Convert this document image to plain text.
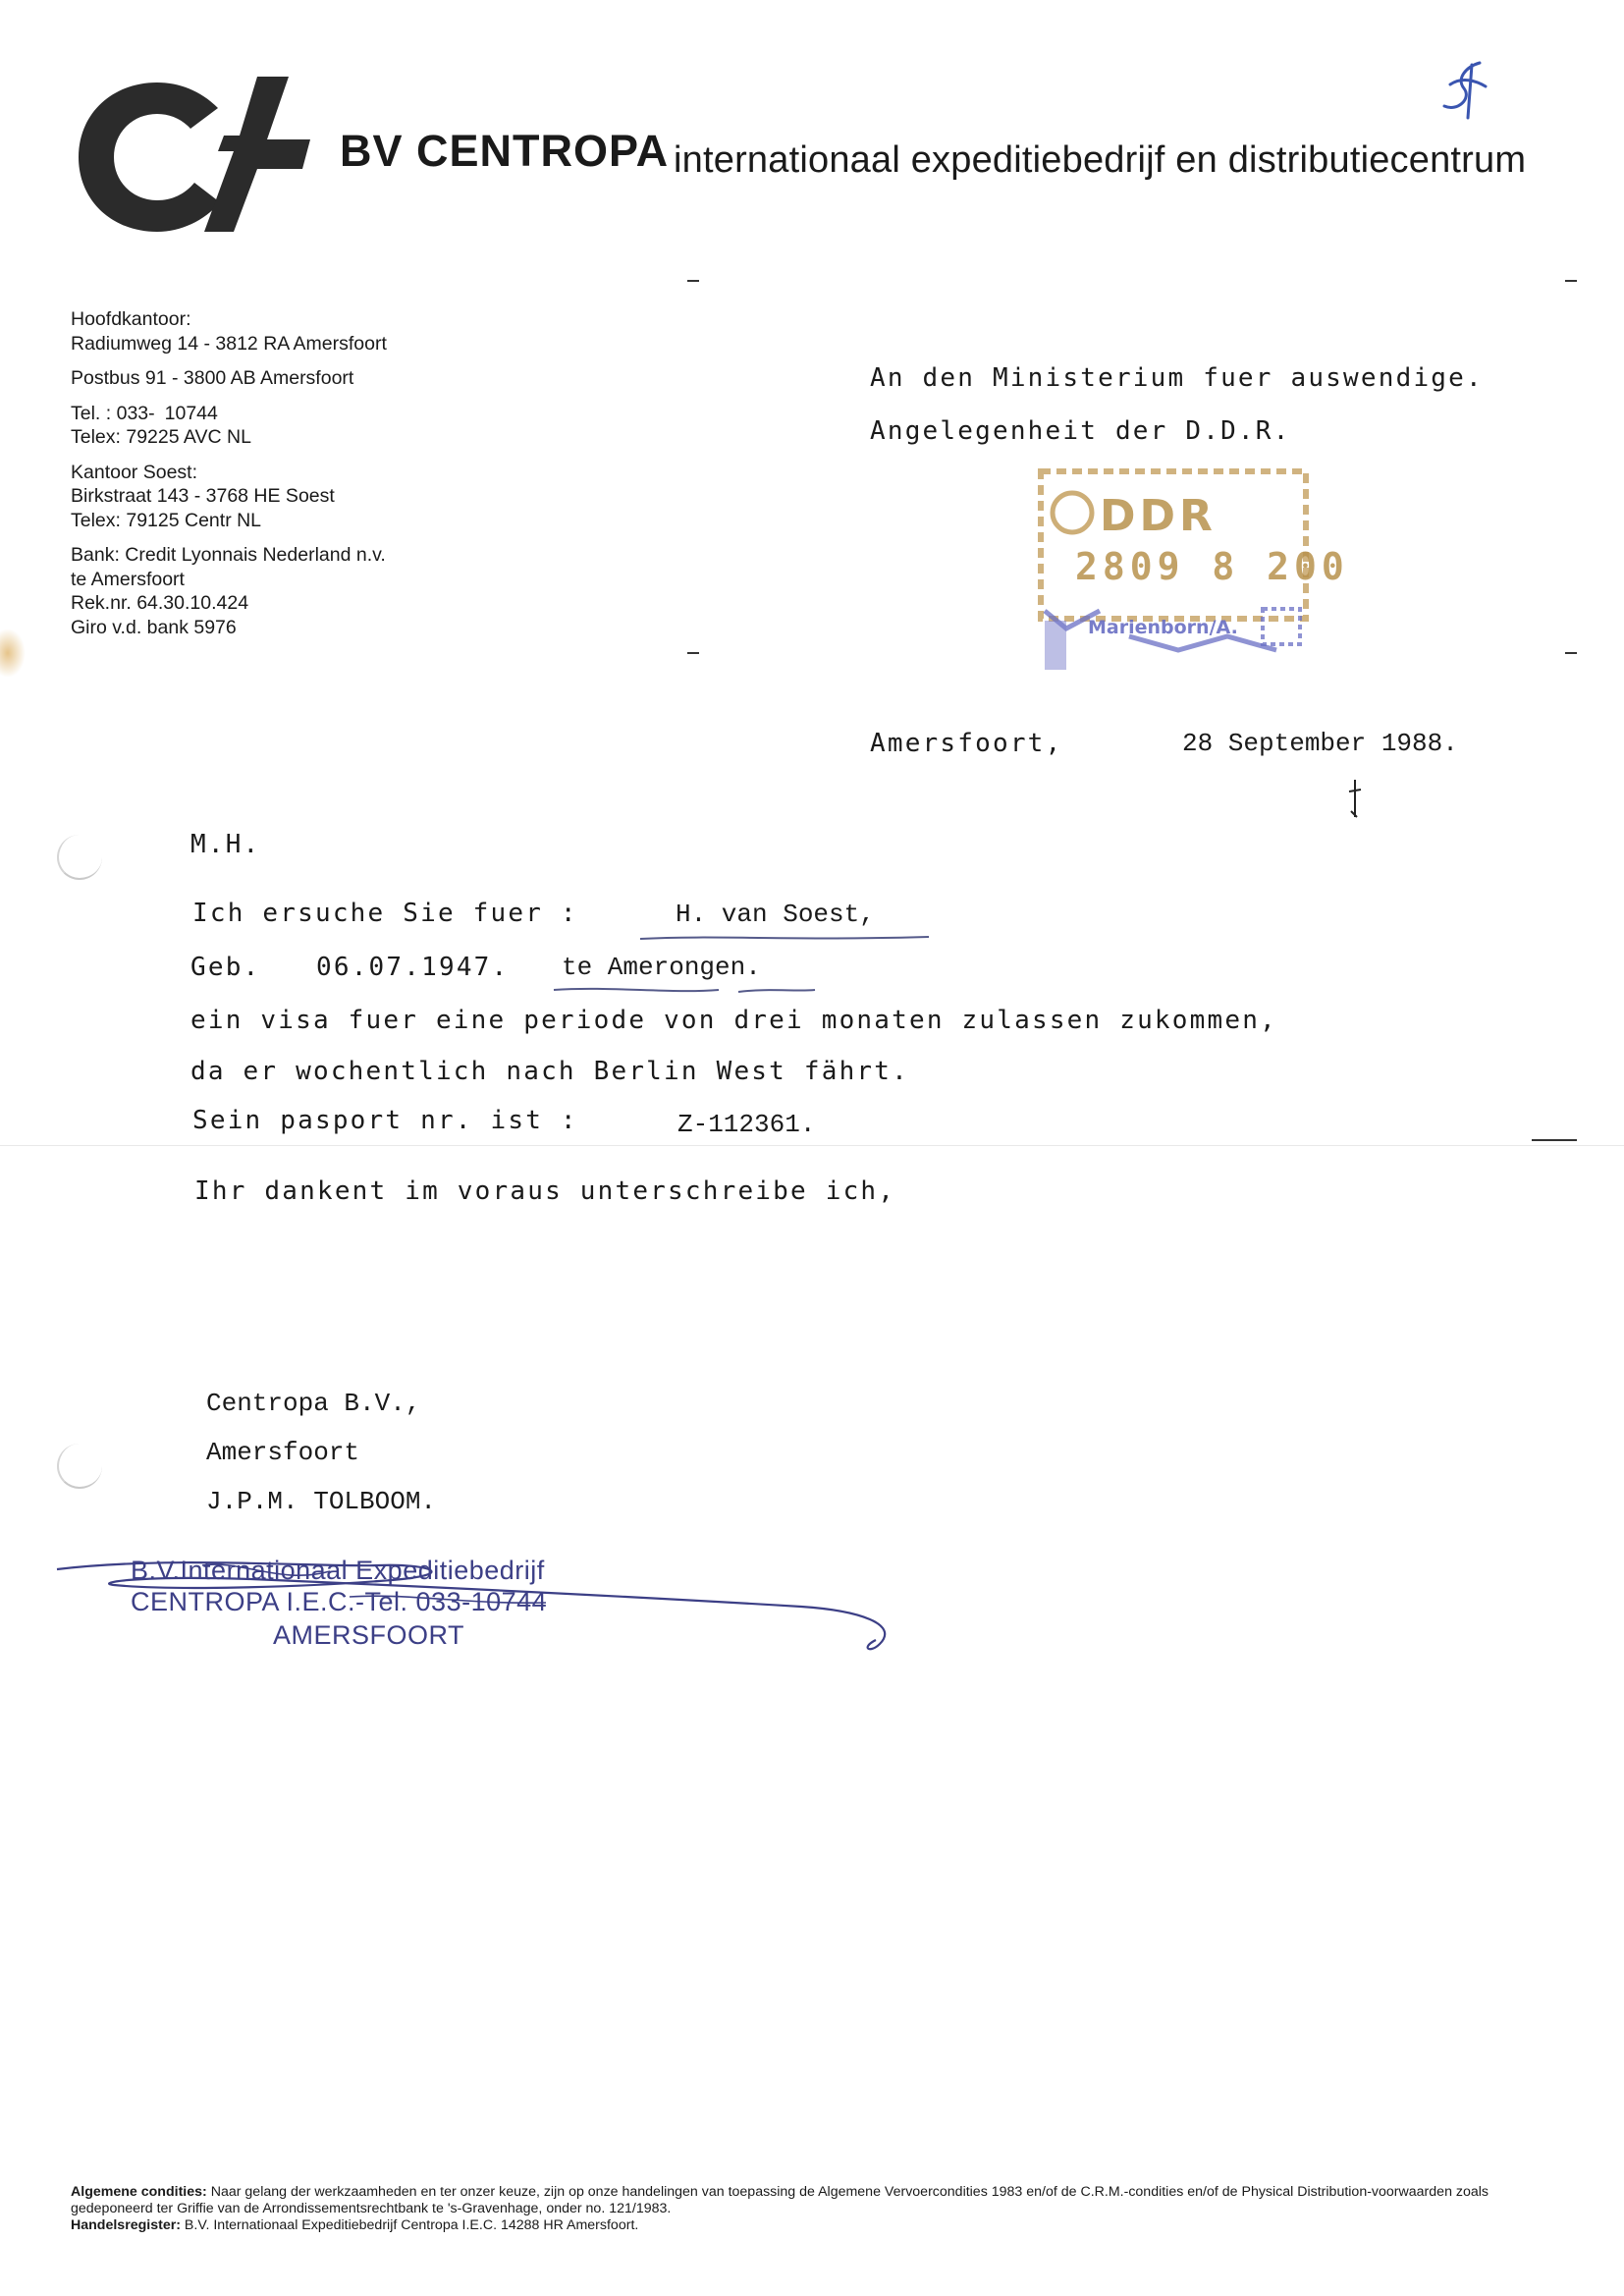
BV CENTROPA internationaal expeditiebedrijf en distributiecentrum
Hoofdkantoor:
Radiumweg 14 - 3812 RA Amersfoort
Postbus 91 - 3800 AB Amersfoort
Tel. : 033- 10744
Telex: 79225 AVC NL
Kantoor Soest:
Birkstraat 143 - 3768 HE Soest
Telex: 79125 Centr NL
Bank: Credit Lyonnais Nederland n.v.
te Amersfoort
Rek.nr. 64.30.10.424
Giro v.d. bank 5976
An den Ministerium fuer auswendige.
Angelegenheit der D.D.R.
DDR
2809 8 200
Marienborn/A.
Amersfoort,	28 September 1988.
M.H.
Ich ersuche Sie fuer :	H. van Soest,
Geb. 06.07.1947. te Amerongen.
ein visa fuer eine periode von drei monaten zulassen zukommen,
da er wochentlich nach Berlin West fährt.
Sein pasport nr. ist :	Z-112361.
Ihr dankent im voraus unterschreibe ich,
Centropa B.V.,
Amersfoort
J.P.M. TOLBOOM.
B.V.Internationaal Expeditiebedrijf
CENTROPA I.E.C.-Tel. 033-10744
AMERSFOORT
Algemene condities: Naar gelang der werkzaamheden en ter onzer keuze, zijn op onze handelingen van toepassing de Algemene Vervoercondities 1983 en/of de C.R.M.-condities en/of de Physical Distribution-voorwaarden zoals gedeponeerd ter Griffie van de Arrondissementsrechtbank te 's-Gravenhage, onder no. 121/1983.
Handelsregister: B.V. Internationaal Expeditiebedrijf Centropa I.E.C. 14288 HR Amersfoort.
